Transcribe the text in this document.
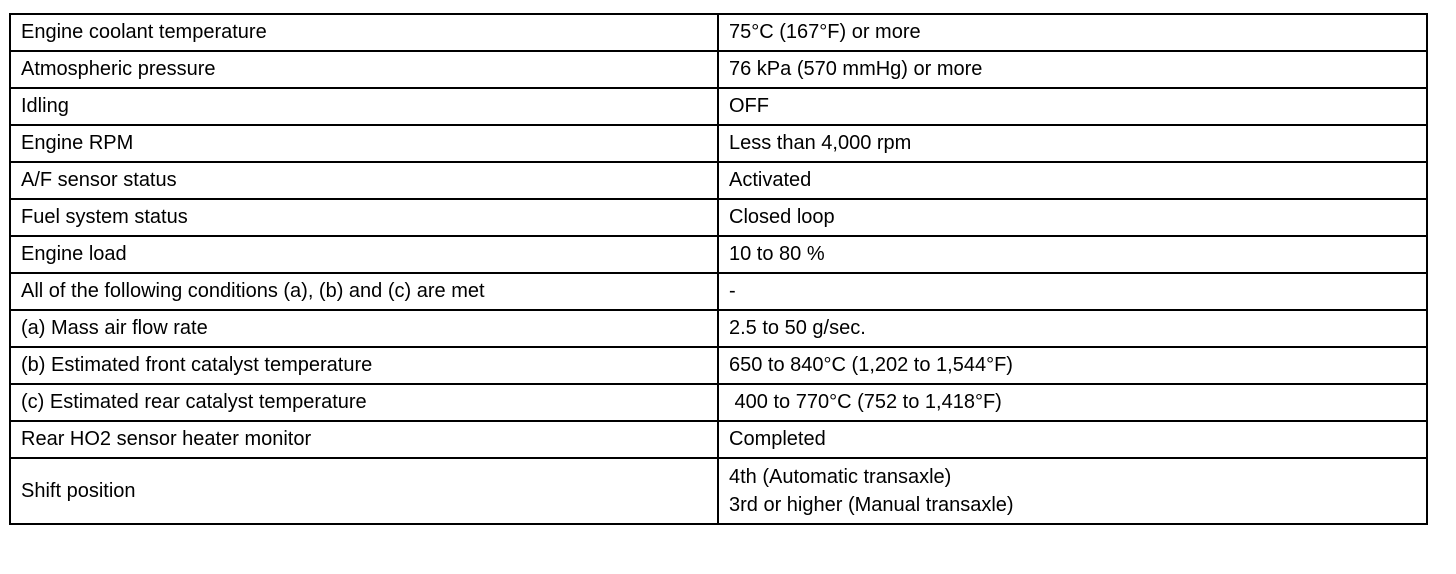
Engine coolant temperature	75°C (167°F) or more
Atmospheric pressure	76 kPa (570 mmHg) or more
Idling	OFF
Engine RPM	Less than 4,000 rpm
A/F sensor status	Activated
Fuel system status	Closed loop
Engine load	10 to 80 %
All of the following conditions (a), (b) and (c) are met	-
(a) Mass air flow rate	2.5 to 50 g/sec.
(b) Estimated front catalyst temperature	650 to 840°C (1,202 to 1,544°F)
(c) Estimated rear catalyst temperature	400 to 770°C (752 to 1,418°F)
Rear HO2 sensor heater monitor	Completed
Shift position	4th (Automatic transaxle)
3rd or higher (Manual transaxle)
